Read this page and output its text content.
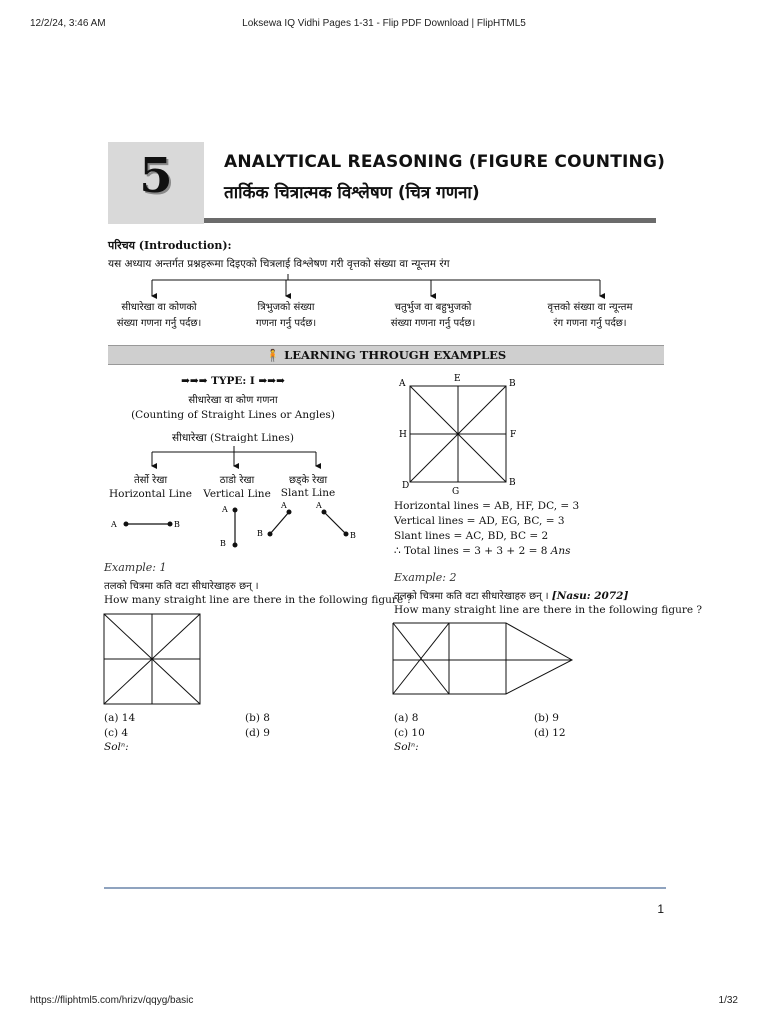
12/2/24, 3:46 AM	Loksewa IQ Vidhi Pages 1-31 - Flip PDF Download | FlipHTML5
https://fliphtml5.com/hrizv/qqyg/basic	1/32
5	ANALYTICAL REASONING (FIGURE COUNTING)
तार्किक चित्रात्मक विश्लेषण (चित्र गणना)
परिचय (Introduction):
यस अध्याय अन्तर्गत प्रश्नहरूमा दिइएको चित्रलाई विश्लेषण गरी वृत्तको संख्या वा न्यून्तम रंग
सीधारेखा वा कोणको
संख्या गणना गर्नु पर्दछ।
त्रिभुजको संख्या
गणना गर्नु पर्दछ।
चतुर्भुज वा बहुभुजको
संख्या गणना गर्नु पर्दछ।
वृत्तको संख्या वा न्यून्तम
रंग गणना गर्नु पर्दछ।
🧍 LEARNING THROUGH EXAMPLES
➡➡➡ TYPE: I ➡➡➡
सीधारेखा वा कोण गणना
(Counting of Straight Lines or Angles)
सीधारेखा (Straight Lines)
तेर्सो रेखा
Horizontal Line
ठाडो रेखा
Vertical Line
छड्के रेखा
Slant Line
A	B
A
B
A
B
A
B
A	E	B
H	F
D
G
B
Horizontal lines = AB, HF, DC, = 3
Vertical lines = AD, EG, BC, = 3
Slant lines = AC, BD, BC = 2
∴ Total lines = 3 + 3 + 2 = 8 Ans
Example: 1
तलको चित्रमा कति वटा सीधारेखाहरु छन् ।
How many straight line are there in the following figure ?
(a) 14	(b) 8
(c) 4	(d) 9
Solⁿ:
Example: 2
तलको चित्रमा कति वटा सीधारेखाहरु छन् । [Nasu: 2072]
How many straight line are there in the following figure ?
(a) 8	(b) 9
(c) 10	(d) 12
Solⁿ:
1
